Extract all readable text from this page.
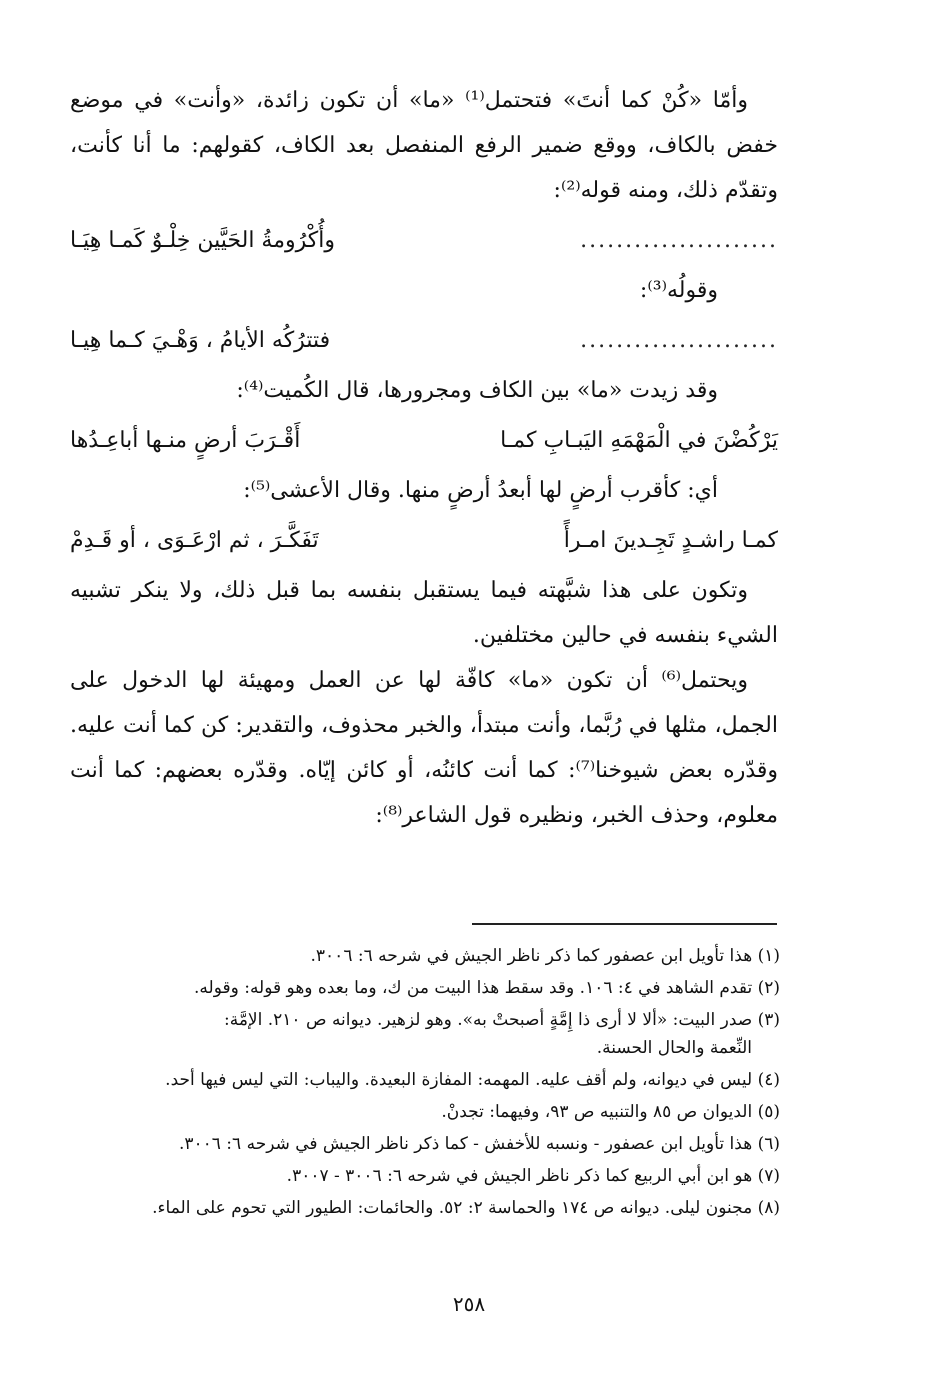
وأمّا «كُنْ كما أنتَ» فتحتمل⁽¹⁾ «ما» أن تكون زائدة، «وأنت» في موضع خفض بالكاف، ووقع ضمير الرفع المنفصل بعد الكاف، كقولهم: ما أنا كأنت، وتقدّم ذلك، ومنه قوله⁽²⁾:

......................
وأُكْرُومةُ الحَيَّين خِلْـوٌ كَمـا هِيَـا

وقولُه⁽³⁾:

......................
فتترُكُه الأيامُ ، وَهْـيَ كـما هِيـا

وقد زيدت «ما» بين الكاف ومجرورها، قال الكُميت⁽⁴⁾:

يَرْكُضْنَ في الْمَهْمَهِ اليَبـابِ كمـا
أَقْـرَبَ أرضٍ منـها أباعِـدُها

أي: كأقرب أرضٍ لها أبعدُ أرضٍ منها. وقال الأعشى⁽⁵⁾:

كمـا راشـدٍ تَجِـدينَ امـرأً
تَفَكَّـرَ ، ثم ارْعَـوَى ، أو قَـدِمْ

وتكون على هذا شبَّهته فيما يستقبل بنفسه بما قبل ذلك، ولا ينكر تشبيه الشيء بنفسه في حالين مختلفين.

ويحتمل⁽⁶⁾ أن تكون «ما» كافّة لها عن العمل ومهيئة لها الدخول على الجمل، مثلها في رُبَّما، وأنت مبتدأ، والخبر محذوف، والتقدير: كن كما أنت عليه. وقدّره بعض شيوخنا⁽⁷⁾: كما أنت كائنُه، أو كائن إيّاه. وقدّره بعضهم: كما أنت معلوم، وحذف الخبر، ونظيره قول الشاعر⁽⁸⁾:

(١) هذا تأويل ابن عصفور كما ذكر ناظر الجيش في شرحه ٦: ٣٠٠٦.

(٢) تقدم الشاهد في ٤: ١٠٦. وقد سقط هذا البيت من ك، وما بعده وهو قوله: وقوله.

(٣) صدر البيت: «ألا لا أرى ذا إِمَّةٍ أصبحتْ به». وهو لزهير. ديوانه ص ٢١٠. الإمَّة:

النِّعمة والحال الحسنة.

(٤) ليس في ديوانه، ولم أقف عليه. المهمه: المفازة البعيدة. واليباب: التي ليس فيها أحد.

(٥) الديوان ص ٨٥ والتنبيه ص ٩٣، وفيهما: تجدنْ.

(٦) هذا تأويل ابن عصفور - ونسبه للأخفش - كما ذكر ناظر الجيش في شرحه ٦: ٣٠٠٦.

(٧) هو ابن أبي الربيع كما ذكر ناظر الجيش في شرحه ٦: ٣٠٠٦ - ٣٠٠٧.

(٨) مجنون ليلى. ديوانه ص ١٧٤ والحماسة ٢: ٥٢. والحائمات: الطيور التي تحوم على الماء.

٢٥٨
